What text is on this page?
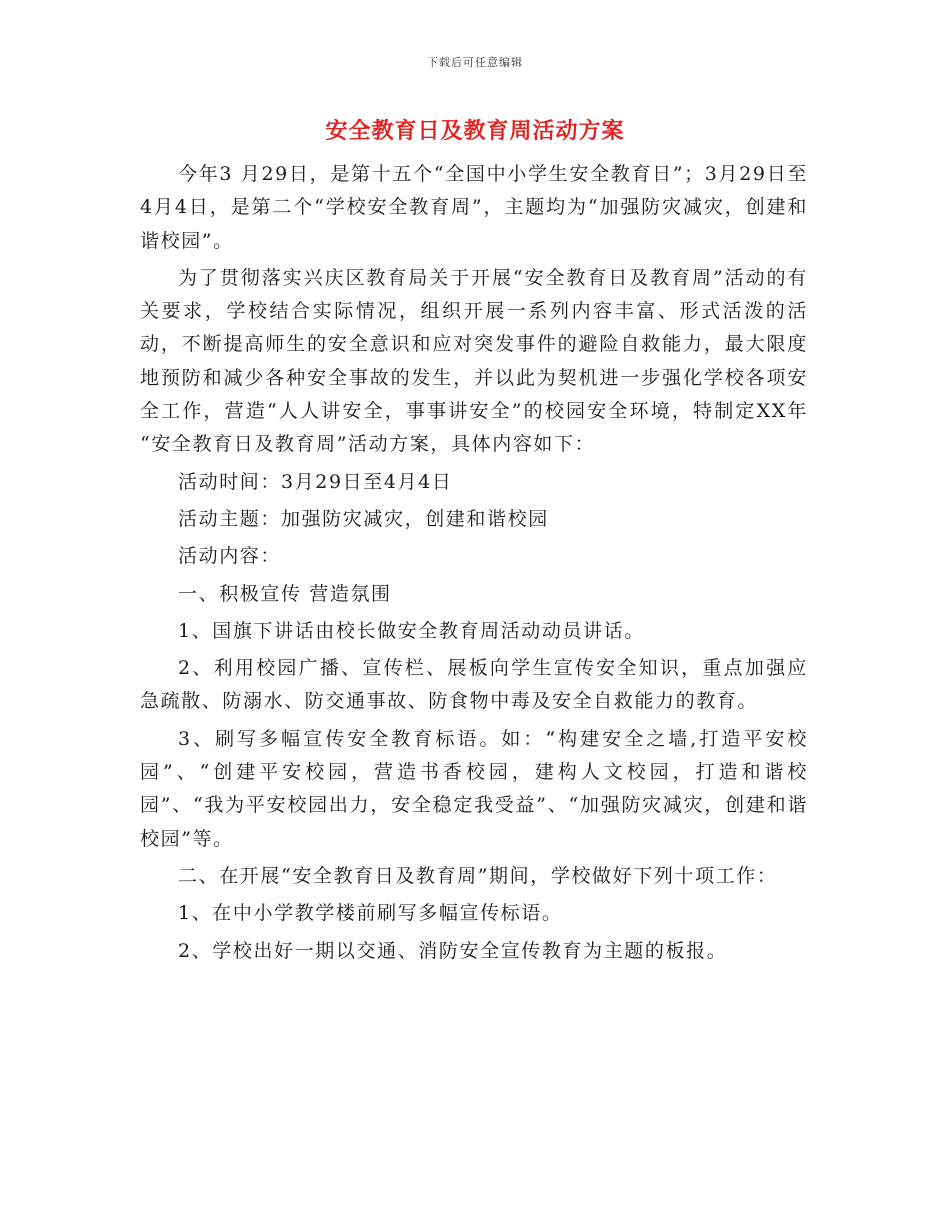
下载后可任意编辑
安全教育日及教育周活动方案

今年3 月29日，是第十五个“全国中小学生安全教育日”；3月29日至4月4日，是第二个“学校安全教育周”，主题均为“加强防灾减灾，创建和谐校园”。

为了贯彻落实兴庆区教育局关于开展“安全教育日及教育周”活动的有关要求，学校结合实际情况，组织开展一系列内容丰富、形式活泼的活动，不断提高师生的安全意识和应对突发事件的避险自救能力，最大限度地预防和减少各种安全事故的发生，并以此为契机进一步强化学校各项安全工作，营造“人人讲安全，事事讲安全”的校园安全环境，特制定XX年 “安全教育日及教育周”活动方案，具体内容如下：

活动时间：3月29日至4月4日

活动主题：加强防灾减灾，创建和谐校园

活动内容：

一、积极宣传 营造氛围

1、国旗下讲话由校长做安全教育周活动动员讲话。

2、利用校园广播、宣传栏、展板向学生宣传安全知识，重点加强应急疏散、防溺水、防交通事故、防食物中毒及安全自救能力的教育。

3、刷写多幅宣传安全教育标语。如：“构建安全之墙,打造平安校园”、“创建平安校园，营造书香校园，建构人文校园，打造和谐校园”、“我为平安校园出力，安全稳定我受益”、“加强防灾减灾，创建和谐校园”等。

二、在开展“安全教育日及教育周”期间，学校做好下列十项工作：

1、在中小学教学楼前刷写多幅宣传标语。

2、学校出好一期以交通、消防安全宣传教育为主题的板报。
